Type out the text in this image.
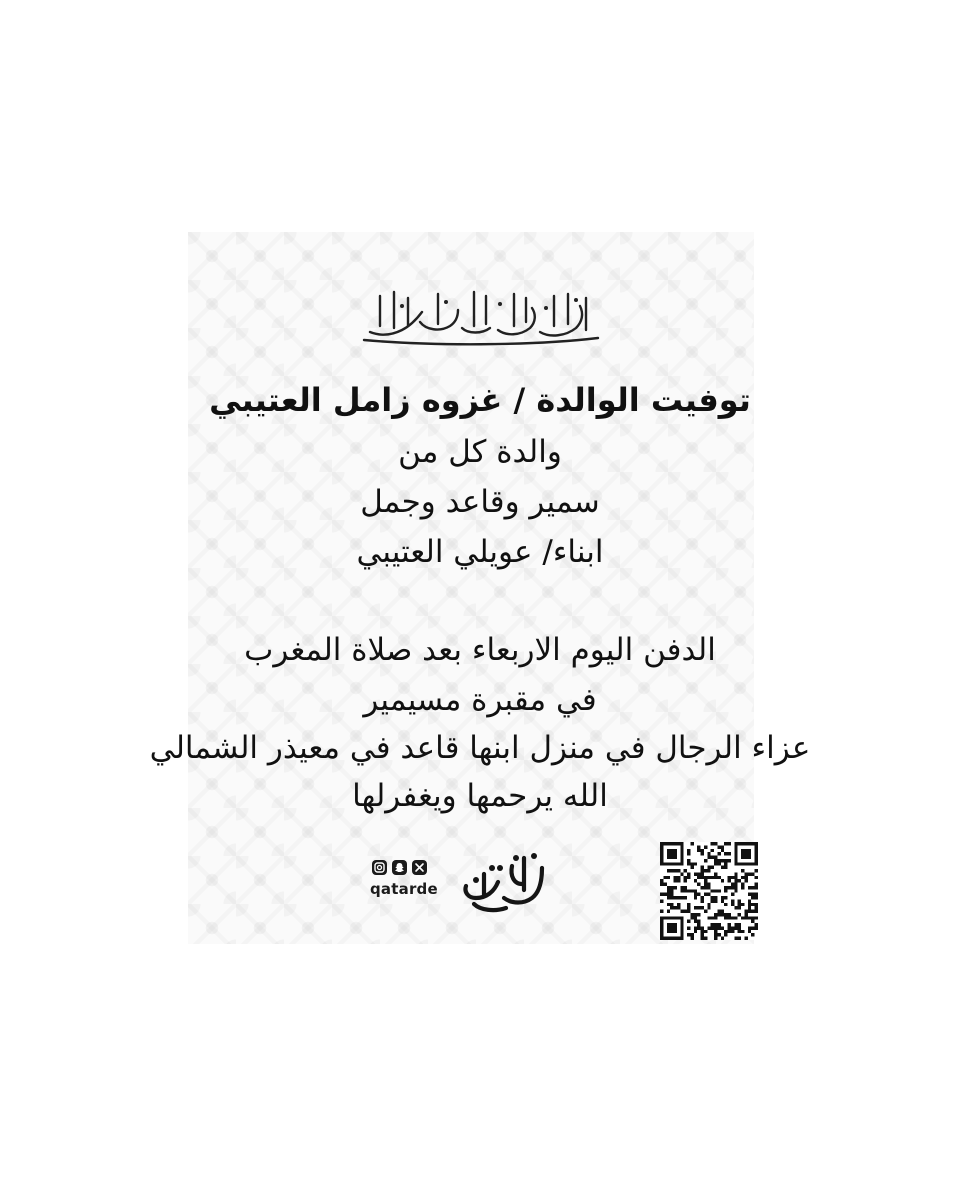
توفيت الوالدة / غزوه زامل العتيبي
والدة كل من
سمير وقاعد وجمل
ابناء/ عويلي العتيبي
الدفن اليوم الاربعاء بعد صلاة المغرب
في مقبرة مسيمير
عزاء الرجال في منزل ابنها قاعد في معيذر الشمالي
الله يرحمها ويغفرلها
qatarde
